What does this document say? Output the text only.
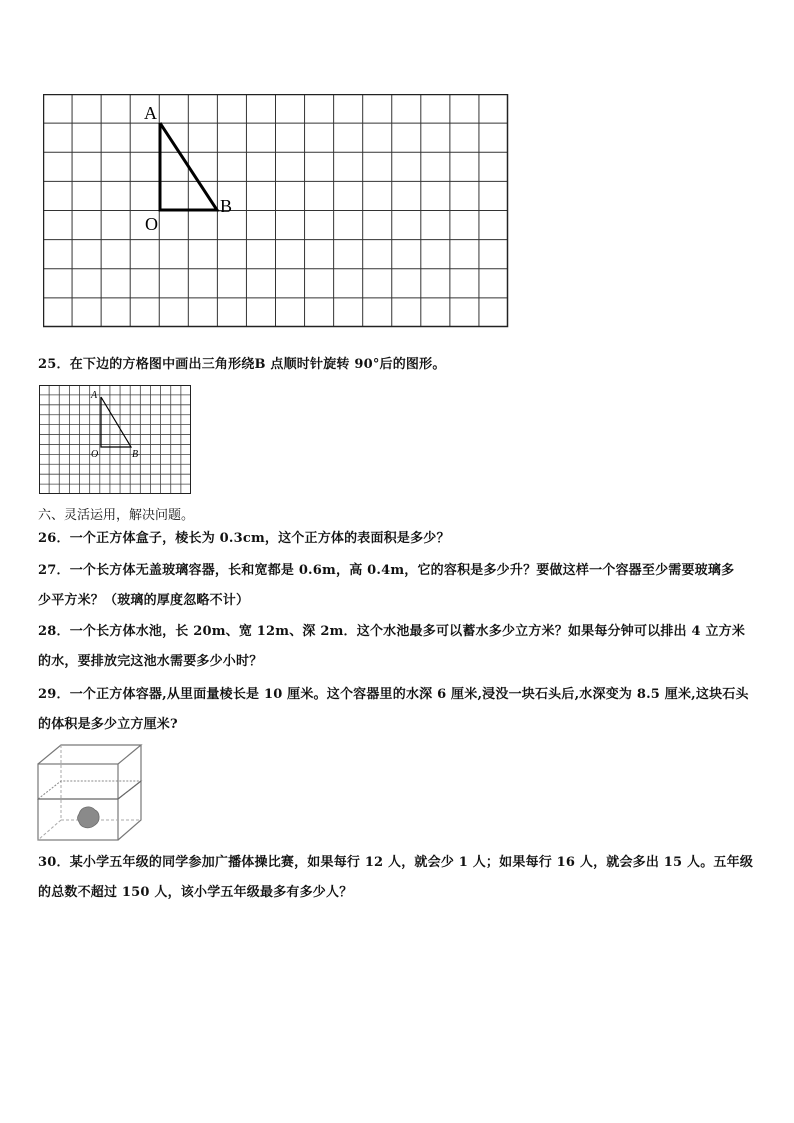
A
O
B
25．在下边的方格图中画出三角形绕B 点顺时针旋转 90°后的图形。
A
O	B
六、灵活运用，解决问题。
26．一个正方体盒子，棱长为 0.3cm，这个正方体的表面积是多少？
27．一个长方体无盖玻璃容器，长和宽都是 0.6m，高 0.4m，它的容积是多少升？要做这样一个容器至少需要玻璃多
少平方米？（玻璃的厚度忽略不计）
28．一个长方体水池，长 20m、宽 12m、深 2m．这个水池最多可以蓄水多少立方米？如果每分钟可以排出 4 立方米
的水，要排放完这池水需要多少小时？
29．一个正方体容器,从里面量棱长是 10 厘米。这个容器里的水深 6 厘米,浸没一块石头后,水深变为 8.5 厘米,这块石头
的体积是多少立方厘米?
30．某小学五年级的同学参加广播体操比赛，如果每行 12 人，就会少 1 人；如果每行 16 人，就会多出 15 人。五年级
的总数不超过 150 人，该小学五年级最多有多少人？
